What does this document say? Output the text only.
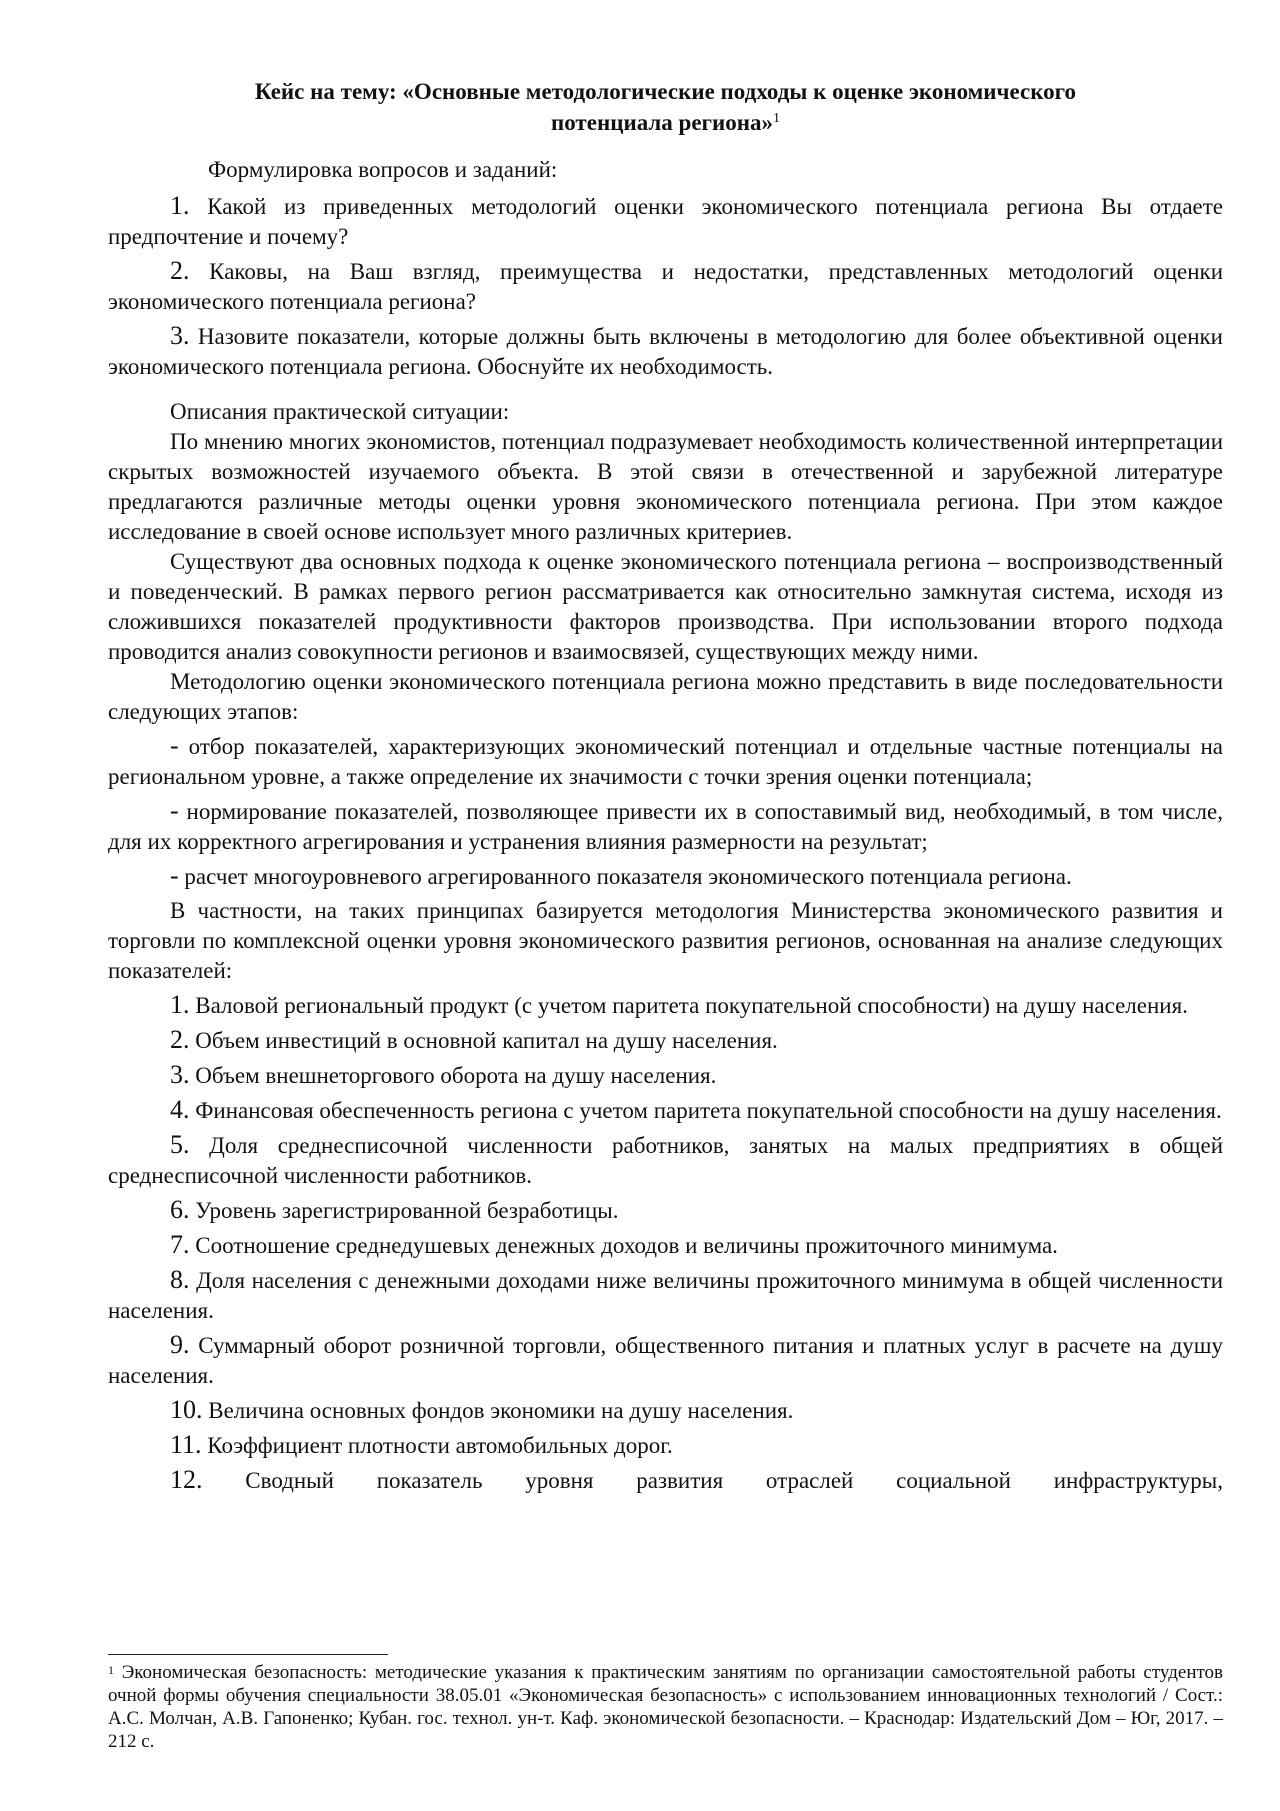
Кейс на тему: «Основные методологические подходы к оценке экономического
потенциала региона»$^1$

Формулировка вопросов и заданий:

1. Какой из приведенных методологий оценки экономического потенциала региона Вы отдаете предпочтение и почему?

2. Каковы, на Ваш взгляд, преимущества и недостатки, представленных методологий оценки экономического потенциала региона?

3. Назовите показатели, которые должны быть включены в методологию для более объективной оценки экономического потенциала региона. Обоснуйте их необходимость.

Описания практической ситуации:

По мнению многих экономистов, потенциал подразумевает необходимость количественной интерпретации скрытых возможностей изучаемого объекта. В этой связи в отечественной и зарубежной литературе предлагаются различные методы оценки уровня экономического потенциала региона. При этом каждое исследование в своей основе использует много различных критериев.

Существуют два основных подхода к оценке экономического потенциала региона – воспроизводственный и поведенческий. В рамках первого регион рассматривается как относительно замкнутая система, исходя из сложившихся показателей продуктивности факторов производства. При использовании второго подхода проводится анализ совокупности регионов и взаимосвязей, существующих между ними.

Методологию оценки экономического потенциала региона можно представить в виде последовательности следующих этапов:

- отбор показателей, характеризующих экономический потенциал и отдельные частные потенциалы на региональном уровне, а также определение их значимости с точки зрения оценки потенциала;

- нормирование показателей, позволяющее привести их в сопоставимый вид, необходимый, в том числе, для их корректного агрегирования и устранения влияния размерности на результат;

- расчет многоуровневого агрегированного показателя экономического потенциала региона.

В частности, на таких принципах базируется методология Министерства экономического развития и торговли по комплексной оценки уровня экономического развития регионов, основанная на анализе следующих показателей:

1. Валовой региональный продукт (с учетом паритета покупательной способности) на душу населения.

2. Объем инвестиций в основной капитал на душу населения.

3. Объем внешнеторгового оборота на душу населения.

4. Финансовая обеспеченность региона с учетом паритета покупательной способности на душу населения.

5. Доля среднесписочной численности работников, занятых на малых предприятиях в общей среднесписочной численности работников.

6. Уровень зарегистрированной безработицы.

7. Соотношение среднедушевых денежных доходов и величины прожиточного минимума.

8. Доля населения с денежными доходами ниже величины прожиточного минимума в общей численности населения.

9. Суммарный оборот розничной торговли, общественного питания и платных услуг в расчете на душу населения.

10. Величина основных фондов экономики на душу населения.

11. Коэффициент плотности автомобильных дорог.

12. Сводный показатель уровня развития отраслей социальной инфраструктуры,

$^1$ Экономическая безопасность: методические указания к практическим занятиям по организации самостоятельной работы студентов очной формы обучения специальности 38.05.01 «Экономическая безопасность» с использованием инновационных технологий / Сост.: А.С. Молчан, А.В. Гапоненко; Кубан. гос. технол. ун-т. Каф. экономической безопасности. – Краснодар: Издательский Дом – Юг, 2017. – 212 с.
